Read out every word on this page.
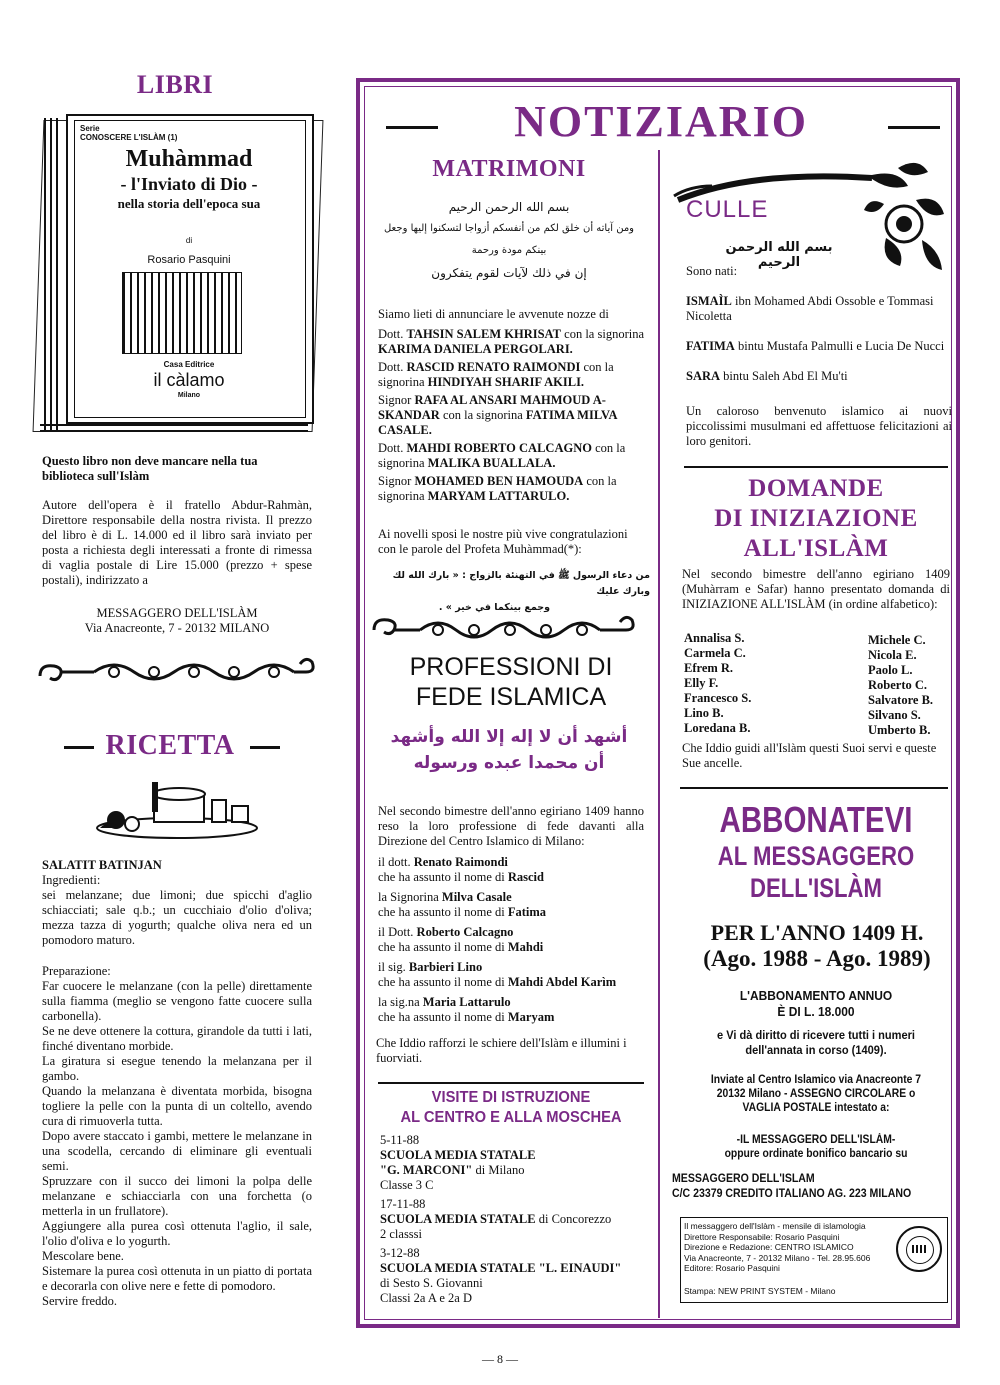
LIBRI
Serie
CONOSCERE L'ISLÀM (1)
Muhàmmad
- l'Inviato di Dio -
nella storia dell'epoca sua
di
Rosario Pasquini
Casa Editrice
il càlamo
Milano
Questo libro non deve mancare nella tua biblioteca sull'Islàm
Autore dell'opera è il fratello Abdur-Rahmàn, Direttore responsabile della nostra rivista. Il prezzo del libro è di L. 14.000 ed il libro sarà inviato per posta a richiesta degli interessati a fronte di rimessa di vaglia postale di Lire 15.000 (prezzo + spese postali), indirizzato a
MESSAGGERO DELL'ISLÀM
Via Anacreonte, 7 - 20132 MILANO
RICETTA
SALATIT BATINJAN
Ingredienti:
sei melanzane; due limoni; due spicchi d'aglio schiacciati; sale q.b.; un cucchiaio d'olio d'oliva; mezza tazza di yogurth; qualche oliva nera ed un pomodoro maturo.
Preparazione:

Far cuocere le melanzane (con la pelle) direttamente sulla fiamma (meglio se vengono fatte cuocere sulla carbonella).

Se ne deve ottenere la cottura, girandole da tutti i lati, finché diventano morbide.

La giratura si esegue tenendo la melanzana per il gambo.

Quando la melanzana è diventata morbida, bisogna togliere la pelle con la punta di un coltello, avendo cura di rimuoverla tutta.

Dopo avere staccato i gambi, mettere le melanzane in una scodella, cercando di eliminare gli eventuali semi.

Spruzzare con il succo dei limoni la polpa delle melanzane e schiacciarla con una forchetta (o metterla in un frullatore).

Aggiungere alla purea così ottenuta l'aglio, il sale, l'olio d'oliva e lo yogurth.

Mescolare bene.

Sistemare la purea così ottenuta in un piatto di portata e decorarla con olive nere e fette di pomodoro.

Servire freddo.

NOTIZIARIO
MATRIMONI
بسم الله الرحمن الرحيم
ومن آياته أن خلق لكم من أنفسكم أزواجا لتسكنوا إليها وجعل بينكم مودة ورحمة
إن في ذلك لآيات لقوم يتفكرون
Siamo lieti di annunciare le avvenute nozze di

Dott. TAHSIN SALEM KHRISAT con la signorina KARIMA DANIELA PERGOLARI.

Dott. RASCID RENATO RAIMONDI con la signorina HINDIYAH SHARIF AKILI.

Signor RAFA AL ANSARI MAHMOUD A-SKANDAR con la signorina FATIMA MILVA CASALE.

Dott. MAHDI ROBERTO CALCAGNO con la signorina MALIKA BUALLALA.

Signor MOHAMED BEN HAMOUDA con la signorina MARYAM LATTARULO.

Ai novelli sposi le nostre più vive congratulazioni con le parole del Profeta Muhàmmad(*):
من دعاء الرسول ﷺ في التهنئة بالزواج : « بارك الله لك وبارك عليك
وجمع بينكما في خير » .
PROFESSIONI DI
FEDE ISLAMICA
أشهد أن لا إله إلا الله وأشهد أن محمدا عبده ورسوله
Nel secondo bimestre dell'anno egiriano 1409 hanno reso la loro professione di fede davanti alla Direzione del Centro Islamico di Milano:

il dott. Renato Raimondi

che ha assunto il nome di Rascid

la Signorina Milva Casale

che ha assunto il nome di Fatima

il Dott. Roberto Calcagno

che ha assunto il nome di Mahdi

il sig. Barbieri Lino

che ha assunto il nome di Mahdi Abdel Karìm

la sig.na Maria Lattarulo

che ha assunto il nome di Maryam

Che Iddio rafforzi le schiere dell'Islàm e illumini i fuorviati.
VISITE DI ISTRUZIONE
AL CENTRO E ALLA MOSCHEA

5-11-88

SCUOLA MEDIA STATALE

"G. MARCONI" di Milano

Classe 3 C

17-11-88

SCUOLA MEDIA STATALE di Concorezzo

2 classsi

3-12-88

SCUOLA MEDIA STATALE "L. EINAUDI"

di Sesto S. Giovanni

Classi 2a A e 2a D

CULLE
بسم الله الرحمن الرحيم
Sono nati:

ISMAÌL ibn Mohamed Abdi Ossoble e Tommasi Nicoletta

FATIMA bintu Mustafa Palmulli e Lucia De Nucci

SARA bintu Saleh Abd El Mu'ti

Un caloroso benvenuto islamico ai nuovi piccolissimi musulmani ed affettuose felicitazioni ai loro genitori.
DOMANDE
DI INIZIAZIONE
ALL'ISLÀM
Nel secondo bimestre dell'anno egiriano 1409 (Muhàrram e Safar) hanno presentato domanda di INIZIAZIONE ALL'ISLÀM (in ordine alfabetico):

Annalisa S.

Carmela C.

Efrem R.

Elly F.

Francesco S.

Lino B.

Loredana B.

Michele C.

Nicola E.

Paolo L.

Roberto C.

Salvatore B.

Silvano S.

Umberto B.

Che Iddio guidi all'Islàm questi Suoi servi e queste Sue ancelle.
ABBONATEVI
AL MESSAGGERO
DELL'ISLÀM
PER L'ANNO 1409 H.
(Ago. 1988 - Ago. 1989)
L'ABBONAMENTO ANNUO
È DI L. 18.000
e Vi dà diritto di ricevere tutti i numeri
dell'annata in corso (1409).
Inviate al Centro Islamico via Anacreonte 7
20132 Milano - ASSEGNO CIRCOLARE o
VAGLIA POSTALE intestato a:
-IL MESSAGGERO DELL'ISLÀM-
oppure ordinate bonifico bancario su
MESSAGGERO DELL'ISLAM
C/C 23379 CREDITO ITALIANO AG. 223 MILANO
Il messaggero dell'Islàm - mensile di islamologia
Direttore Responsabile: Rosario Pasquini
Direzione e Redazione: CENTRO ISLAMICO
Via Anacreonte, 7 - 20132 Milano - Tel. 28.95.606
Editore: Rosario Pasquini
Stampa: NEW PRINT SYSTEM - Milano
— 8 —
